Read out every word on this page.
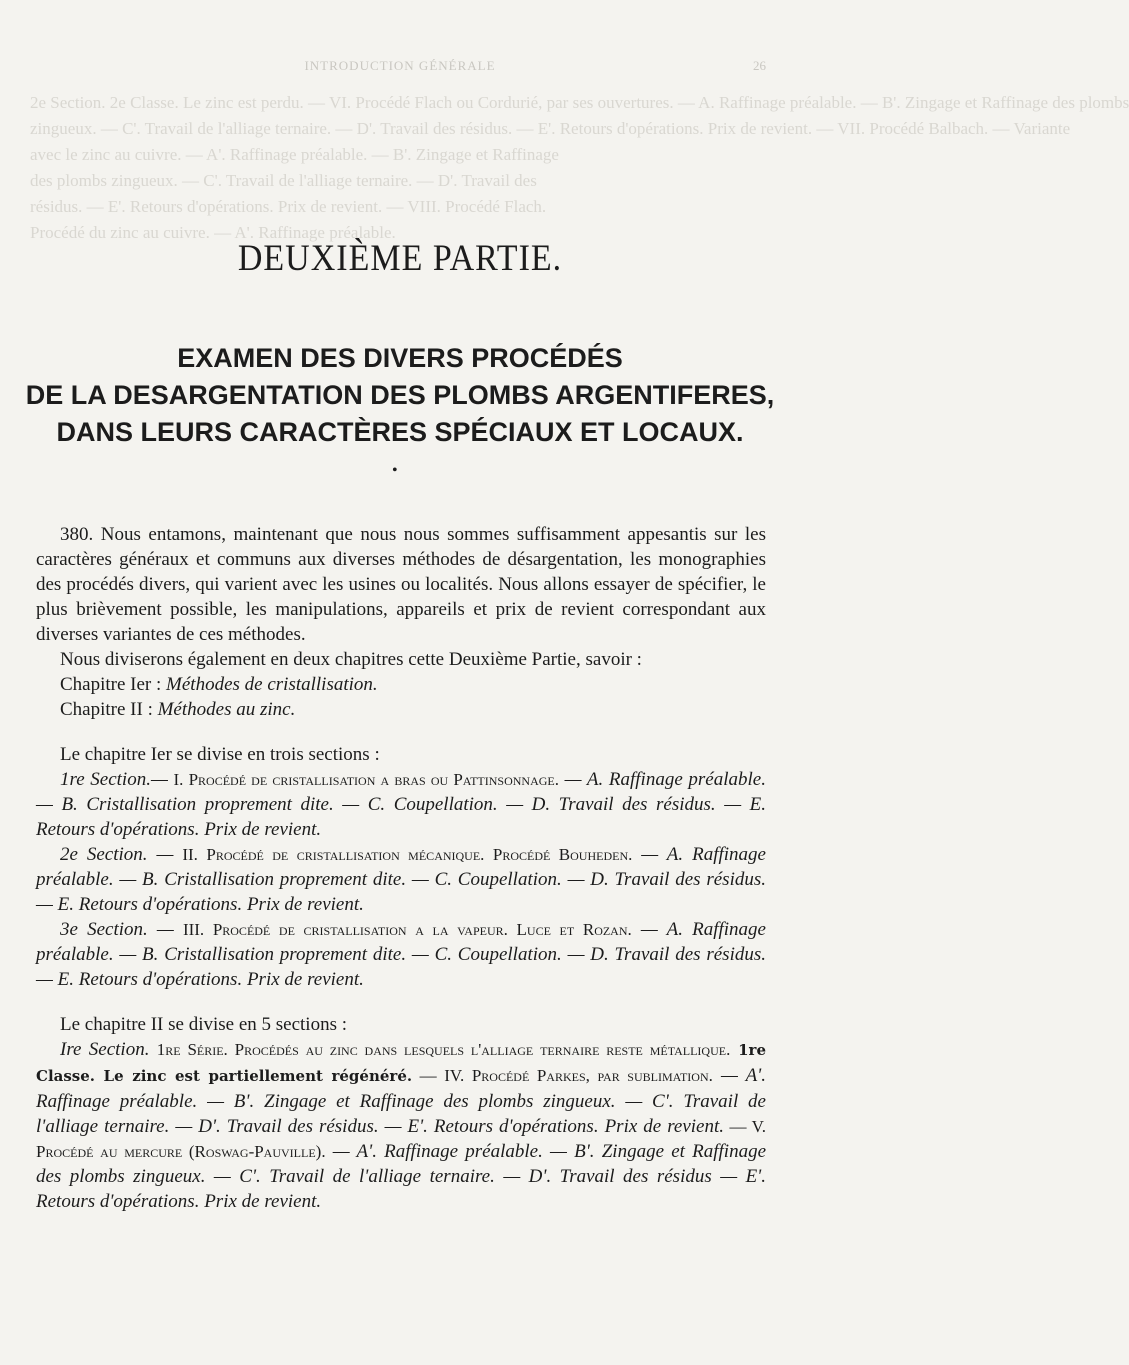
2e Section. 2e Classe. Le zinc est perdu. — VI. Procédé Flach ou Cordurié, par ses ouvertures. — A. Raffinage préalable. — B'. Zingage et Raffinage des plombs
zingueux. — C'. Travail de l'alliage ternaire. — D'. Travail des résidus. — E'. Retours d'opérations. Prix de revient. — VII. Procédé Balbach. — Variante
avec le zinc au cuivre. — A'. Raffinage préalable. — B'. Zingage et Raffinage
des plombs zingueux. — C'. Travail de l'alliage ternaire. — D'. Travail des
résidus. — E'. Retours d'opérations. Prix de revient. — VIII. Procédé Flach.
Procédé du zinc au cuivre. — A'. Raffinage préalable.
INTRODUCTION GÉNÉRALE	26
DEUXIÈME PARTIE.
EXAMEN DES DIVERS PROCÉDÉS
DE LA DESARGENTATION DES PLOMBS ARGENTIFERES,
DANS LEURS CARACTÈRES SPÉCIAUX ET LOCAUX.
•

380. Nous entamons, maintenant que nous nous sommes suffisamment appesantis sur les caractères généraux et communs aux diverses méthodes de désargentation, les monographies des procédés divers, qui varient avec les usines ou localités. Nous allons essayer de spécifier, le plus brièvement possible, les manipulations, appareils et prix de revient correspondant aux diverses variantes de ces méthodes.

Nous diviserons également en deux chapitres cette Deuxième Partie, savoir :

Chapitre Ier : Méthodes de cristallisation.

Chapitre II : Méthodes au zinc.

Le chapitre Ier se divise en trois sections :

1re Section.— I. Procédé de cristallisation a bras ou Pattinsonnage. — A. Raffinage préalable. — B. Cristallisation proprement dite. — C. Coupellation. — D. Travail des résidus. — E. Retours d'opérations. Prix de revient.

2e Section. — II. Procédé de cristallisation mécanique. Procédé Bouheden. — A. Raffinage préalable. — B. Cristallisation proprement dite. — C. Coupellation. — D. Travail des résidus. — E. Retours d'opérations. Prix de revient.

3e Section. — III. Procédé de cristallisation a la vapeur. Luce et Rozan. — A. Raffinage préalable. — B. Cristallisation proprement dite. — C. Coupellation. — D. Travail des résidus. — E. Retours d'opérations. Prix de revient.

Le chapitre II se divise en 5 sections :

Ire Section. 1re Série. Procédés au zinc dans lesquels l'alliage ternaire reste métallique. 1re Classe. Le zinc est partiellement régénéré. — IV. Procédé Parkes, par sublimation. — A'. Raffinage préalable. — B'. Zingage et Raffinage des plombs zingueux. — C'. Travail de l'alliage ternaire. — D'. Travail des résidus. — E'. Retours d'opérations. Prix de revient. — V. Procédé au mercure (Roswag-Pauville). — A'. Raffinage préalable. — B'. Zingage et Raffinage des plombs zingueux. — C'. Travail de l'alliage ternaire. — D'. Travail des résidus — E'. Retours d'opérations. Prix de revient.
